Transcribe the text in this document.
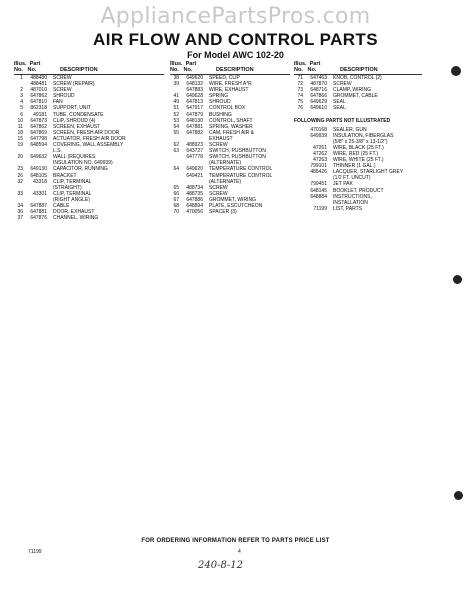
AppliancePartsPros.com
AIR FLOW AND CONTROL PARTS
For Model AWC 102-20
Illus. Part
No. No.	DESCRIPTION
1	488480 SCREW
488481 SCREW (REPAIR)
2	487010 SCREW
3	647862 SHROUD
4	647810 FAN
5	862318 SUPPORT, UNIT
6	49181 TUBE, CONDENSATE
10	647873 CLIP, SHROUD (4)
11	647862 SCREEN, EXHAUST
18	647869 SCREEN, FRESH AIR DOOR
15	647798 ACTUATOR, FRESH AIR DOOR
19	648594 COVERING, WALL ASSEMBLY
L.S.
20	649632 WALL (REQUIRES
INSULATION NO. 649939)
23	649130 CAPACITOR, RUNNING
26	648105 BRACKET
32	43318 CLIP, TERMINAL
(STRAIGHT)
33	43301 CLIP, TERMINAL
(RIGHT ANGLE)
34	647887 CABLE
36	647881 DOOR, EXHAUST
37	647876 CHANNEL, WIRING
Illus. Part
No. No.	DESCRIPTION
38	649620 SPEED, CLIP
39	648132 WIRE, FRESH A*R
647883 WIRE, EXHAUST
41	649628 SPRING
49	647813 SHROUD
51	647917 CONTROL BOX
52	647879 BUSHING
53	648130 CONTROL, SHAFT
54	647881 SPRING, WASHER
55	647882 CAM, FRESH AIR &
EXHAUST
62	488923 SCREW
63	643727 SWITCH, PUSHBUTTON
647778 SWITCH, PUSHBUTTON
(ALTERNATE)
64	649620 TEMPERATURE CONTROL
649421 TEMPERATURE CONTROL
(ALTERNATE)
65	488734 SCREW
66	488735 SCREW
67	647886 GROMMET, WIRING
68	648894 PLATE, ESCUTCHEON
70	470056 SPACER (3)
Illus. Part
No. No.	DESCRIPTION
71	647463 KNOB, CONTROL (2)
72	487870 SCREW
73	648716 CLAMP, WIRING
74	647866 GROMMET, CABLE
75	649629 SEAL
76	649610 SEAL
FOLLOWING PARTS NOT ILLUSTRATED
470168 SEALER, GUN
649939 INSULATION, FIBERGLAS
(5/8" x 25-3/8" x 13-1/2")
47261 WIRE, BLACK (25 FT.)
47262 WIRE, RED (25 FT.)
47263 WIRE, WHITE (25 FT.)
799101 THINNER (1 GAL.)
485426 LACQUER, STARLIGHT GREY
(1/2 FT. UNCUT)
799451 JET PAK
648145 BOOKLET, PRODUCT
648884 INSTRUCTIONS,
INSTALLATION
71199 LIST, PARTS
FOR ORDERING INFORMATION REFER TO PARTS PRICE LIST
71199	4
240-8-12
